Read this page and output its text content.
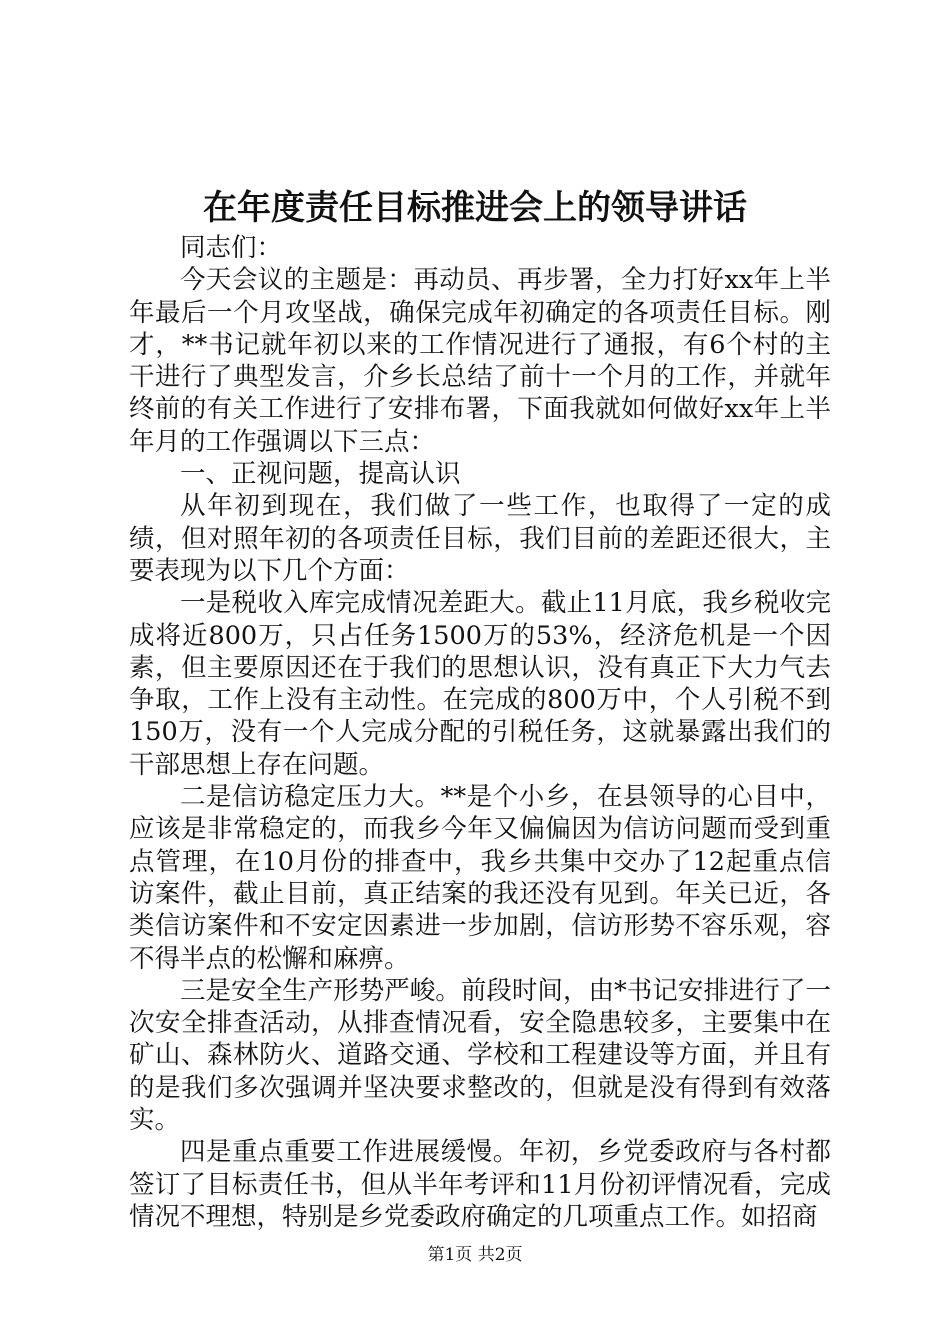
在年度责任目标推进会上的领导讲话

同志们：

今天会议的主题是：再动员、再步署，全力打好xx年上半年最后一个月攻坚战，确保完成年初确定的各项责任目标。刚才，**书记就年初以来的工作情况进行了通报，有6个村的主干进行了典型发言，介乡长总结了前十一个月的工作，并就年终前的有关工作进行了安排布署，下面我就如何做好xx年上半年月的工作强调以下三点：

一、正视问题，提高认识

从年初到现在，我们做了一些工作，也取得了一定的成绩，但对照年初的各项责任目标，我们目前的差距还很大，主要表现为以下几个方面：

一是税收入库完成情况差距大。截止11月底，我乡税收完成将近800万，只占任务1500万的53%，经济危机是一个因素，但主要原因还在于我们的思想认识，没有真正下大力气去争取，工作上没有主动性。在完成的800万中，个人引税不到150万，没有一个人完成分配的引税任务，这就暴露出我们的干部思想上存在问题。

二是信访稳定压力大。**是个小乡，在县领导的心目中，应该是非常稳定的，而我乡今年又偏偏因为信访问题而受到重点管理，在10月份的排查中，我乡共集中交办了12起重点信访案件，截止目前，真正结案的我还没有见到。年关已近，各类信访案件和不安定因素进一步加剧，信访形势不容乐观，容不得半点的松懈和麻痹。

三是安全生产形势严峻。前段时间，由*书记安排进行了一次安全排查活动，从排查情况看，安全隐患较多，主要集中在矿山、森林防火、道路交通、学校和工程建设等方面，并且有的是我们多次强调并坚决要求整改的，但就是没有得到有效落实。

四是重点重要工作进展缓慢。年初，乡党委政府与各村都签订了目标责任书，但从半年考评和11月份初评情况看，完成情况不理想，特别是乡党委政府确定的几项重点工作。如招商

第1页 共2页
